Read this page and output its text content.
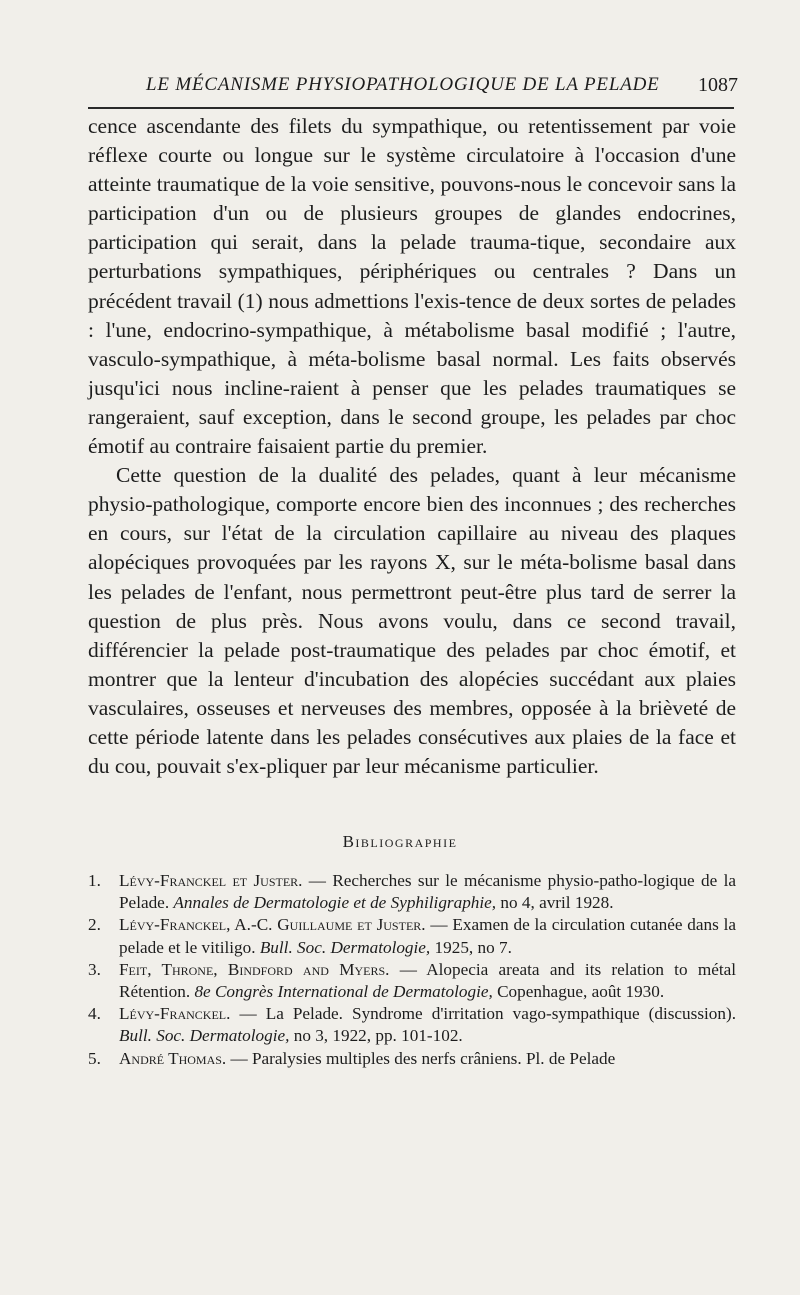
LE MÉCANISME PHYSIOPATHOLOGIQUE DE LA PELADE 1087

cence ascendante des filets du sympathique, ou retentissement par voie réflexe courte ou longue sur le système circulatoire à l'occasion d'une atteinte traumatique de la voie sensitive, pouvons-nous le concevoir sans la participation d'un ou de plusieurs groupes de glandes endocrines, participation qui serait, dans la pelade trauma-tique, secondaire aux perturbations sympathiques, périphériques ou centrales ? Dans un précédent travail (1) nous admettions l'exis-tence de deux sortes de pelades : l'une, endocrino-sympathique, à métabolisme basal modifié ; l'autre, vasculo-sympathique, à méta-bolisme basal normal. Les faits observés jusqu'ici nous incline-raient à penser que les pelades traumatiques se rangeraient, sauf exception, dans le second groupe, les pelades par choc émotif au contraire faisaient partie du premier.

Cette question de la dualité des pelades, quant à leur mécanisme physio-pathologique, comporte encore bien des inconnues ; des recherches en cours, sur l'état de la circulation capillaire au niveau des plaques alopéciques provoquées par les rayons X, sur le méta-bolisme basal dans les pelades de l'enfant, nous permettront peut-être plus tard de serrer la question de plus près. Nous avons voulu, dans ce second travail, différencier la pelade post-traumatique des pelades par choc émotif, et montrer que la lenteur d'incubation des alopécies succédant aux plaies vasculaires, osseuses et nerveuses des membres, opposée à la brièveté de cette période latente dans les pelades consécutives aux plaies de la face et du cou, pouvait s'ex-pliquer par leur mécanisme particulier.

Bibliographie
1. Lévy-Franckel et Juster. — Recherches sur le mécanisme physio-patho-logique de la Pelade. Annales de Dermatologie et de Syphiligraphie, no 4, avril 1928.
2. Lévy-Franckel, A.-C. Guillaume et Juster. — Examen de la circulation cutanée dans la pelade et le vitiligo. Bull. Soc. Dermatologie, 1925, no 7.
3. Feit, Throne, Bindford and Myers. — Alopecia areata and its relation to métal Rétention. 8e Congrès International de Dermatologie, Copenhague, août 1930.
4. Lévy-Franckel. — La Pelade. Syndrome d'irritation vago-sympathique (discussion). Bull. Soc. Dermatologie, no 3, 1922, pp. 101-102.
5. André Thomas. — Paralysies multiples des nerfs crâniens. Pl. de Pelade
